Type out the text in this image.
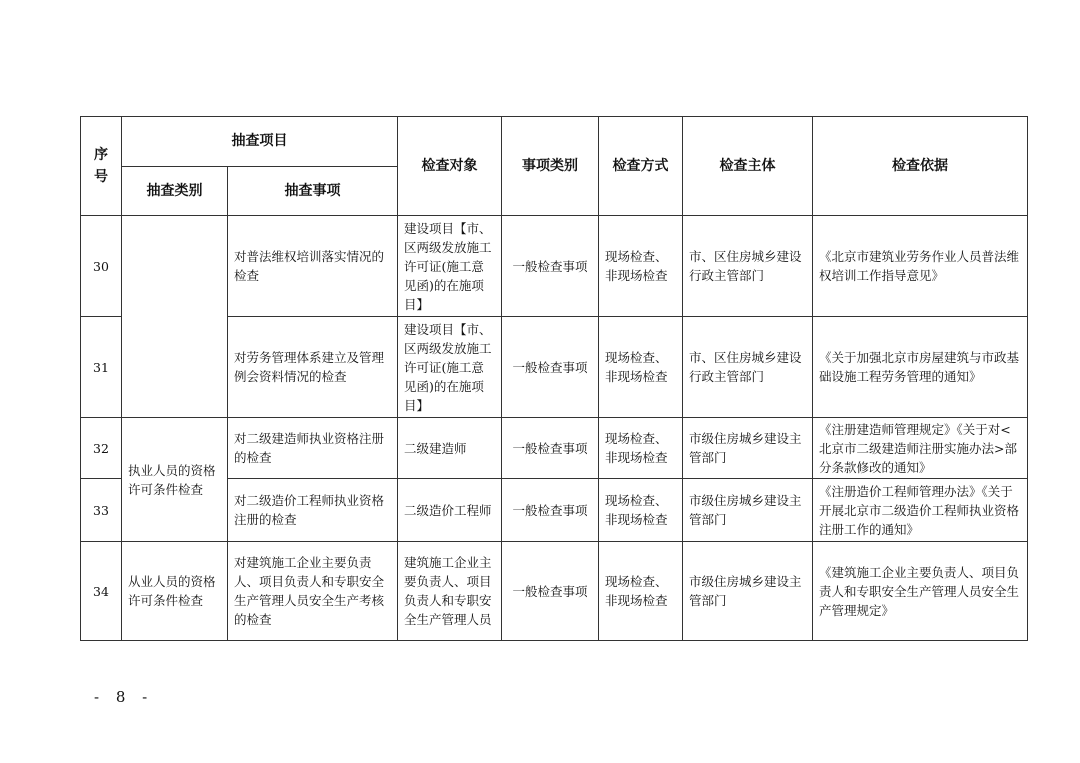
序
号	抽查项目		检查对象	事项类别	检查方式	检查主体	检查依据
	抽查类别	抽查事项					
30		对普法维权培训落实情况的检查	建设项目【市、区两级发放施工许可证(施工意见函)的在施项目】	一般检查事项	现场检查、非现场检查	市、区住房城乡建设行政主管部门	《北京市建筑业劳务作业人员普法维权培训工作指导意见》
31		对劳务管理体系建立及管理例会资料情况的检查	建设项目【市、区两级发放施工许可证(施工意见函)的在施项目】	一般检查事项	现场检查、非现场检查	市、区住房城乡建设行政主管部门	《关于加强北京市房屋建筑与市政基础设施工程劳务管理的通知》
32	执业人员的资格许可条件检查	对二级建造师执业资格注册的检查	二级建造师	一般检查事项	现场检查、非现场检查	市级住房城乡建设主管部门	《注册建造师管理规定》《关于对<北京市二级建造师注册实施办法>部分条款修改的通知》
33		对二级造价工程师执业资格注册的检查	二级造价工程师	一般检查事项	现场检查、非现场检查	市级住房城乡建设主管部门	《注册造价工程师管理办法》《关于开展北京市二级造价工程师执业资格注册工作的通知》
34	从业人员的资格许可条件检查	对建筑施工企业主要负责人、项目负责人和专职安全生产管理人员安全生产考核的检查	建筑施工企业主要负责人、项目负责人和专职安全生产管理人员	一般检查事项	现场检查、非现场检查	市级住房城乡建设主管部门	《建筑施工企业主要负责人、项目负责人和专职安全生产管理人员安全生产管理规定》
- 8 -
